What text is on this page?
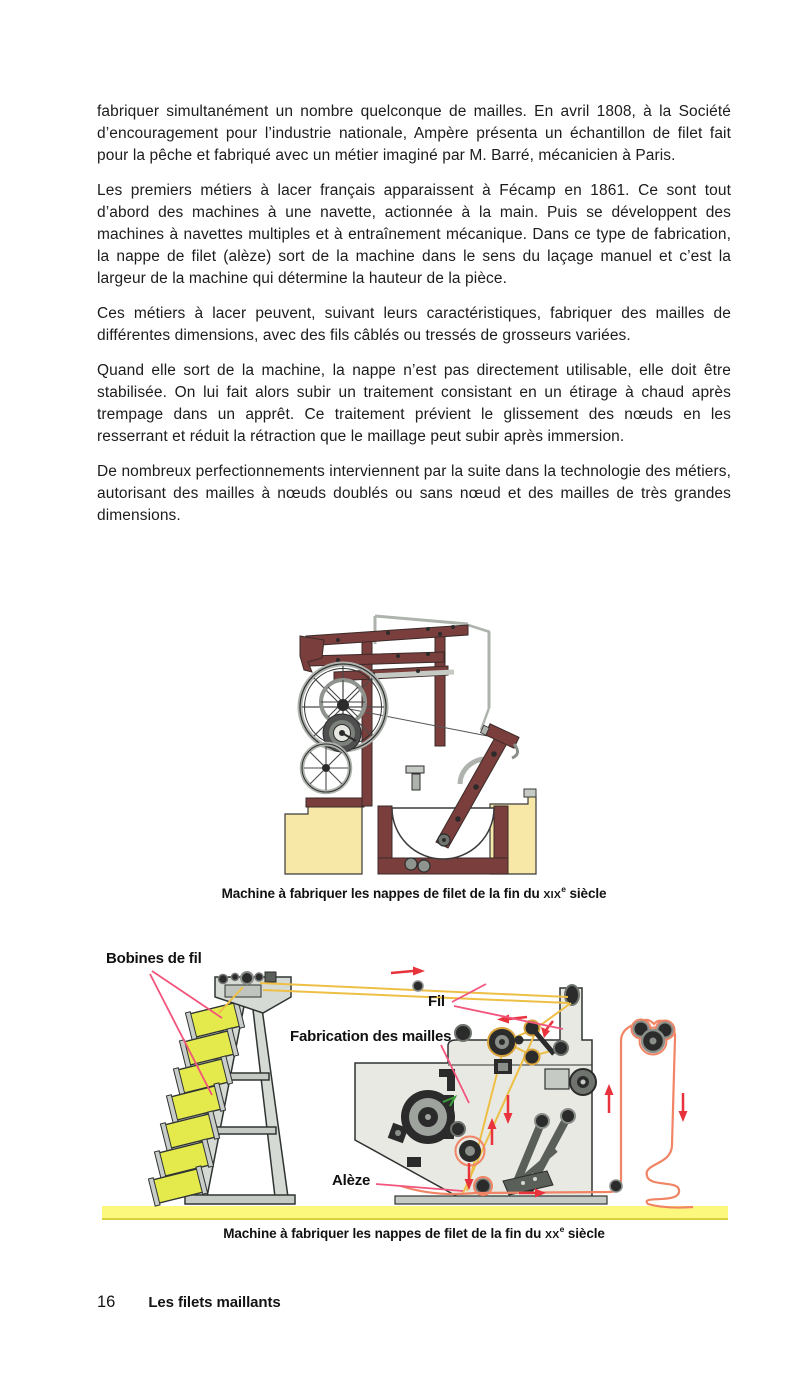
fabriquer simultanément un nombre quelconque de mailles. En avril 1808, à la Société d’encouragement pour l’industrie nationale, Ampère présenta un échantillon de filet fait pour la pêche et fabriqué avec un métier imaginé par M. Barré, mécanicien à Paris.

Les premiers métiers à lacer français apparaissent à Fécamp en 1861. Ce sont tout d’abord des machines à une navette, actionnée à la main. Puis se développent des machines à navettes multiples et à entraînement mécanique. Dans ce type de fabrication, la nappe de filet (alèze) sort de la machine dans le sens du laçage manuel et c’est la largeur de la machine qui détermine la hauteur de la pièce.

Ces métiers à lacer peuvent, suivant leurs caractéristiques, fabriquer des mailles de différentes dimensions, avec des fils câblés ou tressés de grosseurs variées.

Quand elle sort de la machine, la nappe n’est pas directement utilisable, elle doit être stabilisée. On lui fait alors subir un traitement consistant en un étirage à chaud après trempage dans un apprêt. Ce traitement prévient le glissement des nœuds en les resserrant et réduit la rétraction que le maillage peut subir après immersion.

De nombreux perfectionnements interviennent par la suite dans la technologie des métiers, autorisant des mailles à nœuds doublés ou sans nœud et des mailles de très grandes dimensions.

Machine à fabriquer les nappes de filet de la fin du XIXe siècle
Bobines de fil
Fil
Fabrication des mailles
Alèze
Machine à fabriquer les nappes de filet de la fin du XXe siècle
16 Les filets maillants
